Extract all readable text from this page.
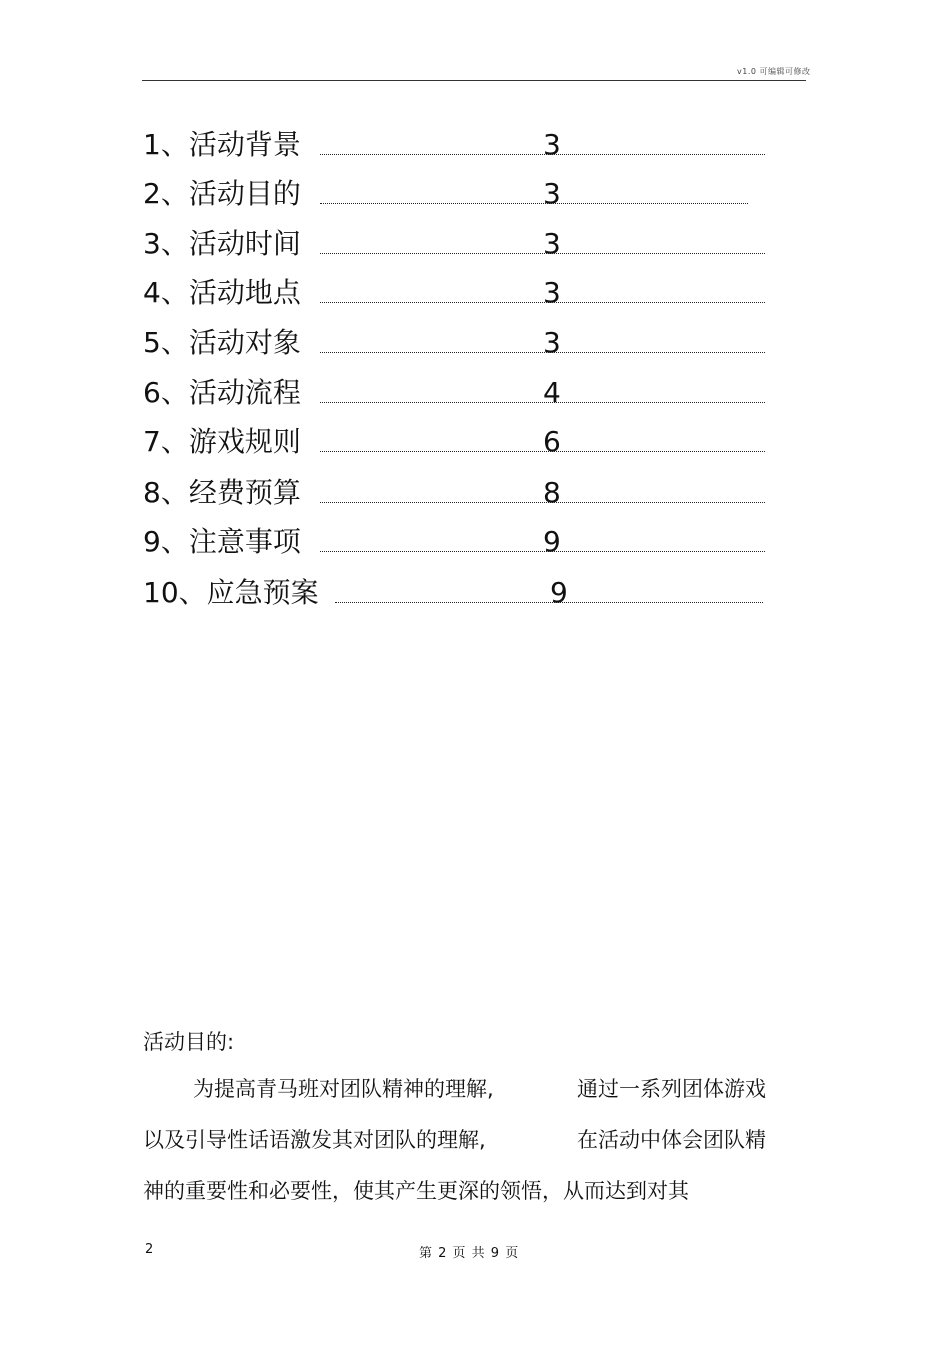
v1.0 可编辑可修改
1、活动背景	3
2、活动目的	3
3、活动时间	3
4、活动地点	3
5、活动对象	3
6、活动流程	4
7、游戏规则	6
8、经费预算	8
9、注意事项	9
10、应急预案	9
活动目的:
为提高青马班对团队精神的理解,	通过一系列团体游戏
以及引导性话语激发其对团队的理解,	在活动中体会团队精
神的重要性和必要性，使其产生更深的领悟，从而达到对其
2	第 2 页 共 9 页
